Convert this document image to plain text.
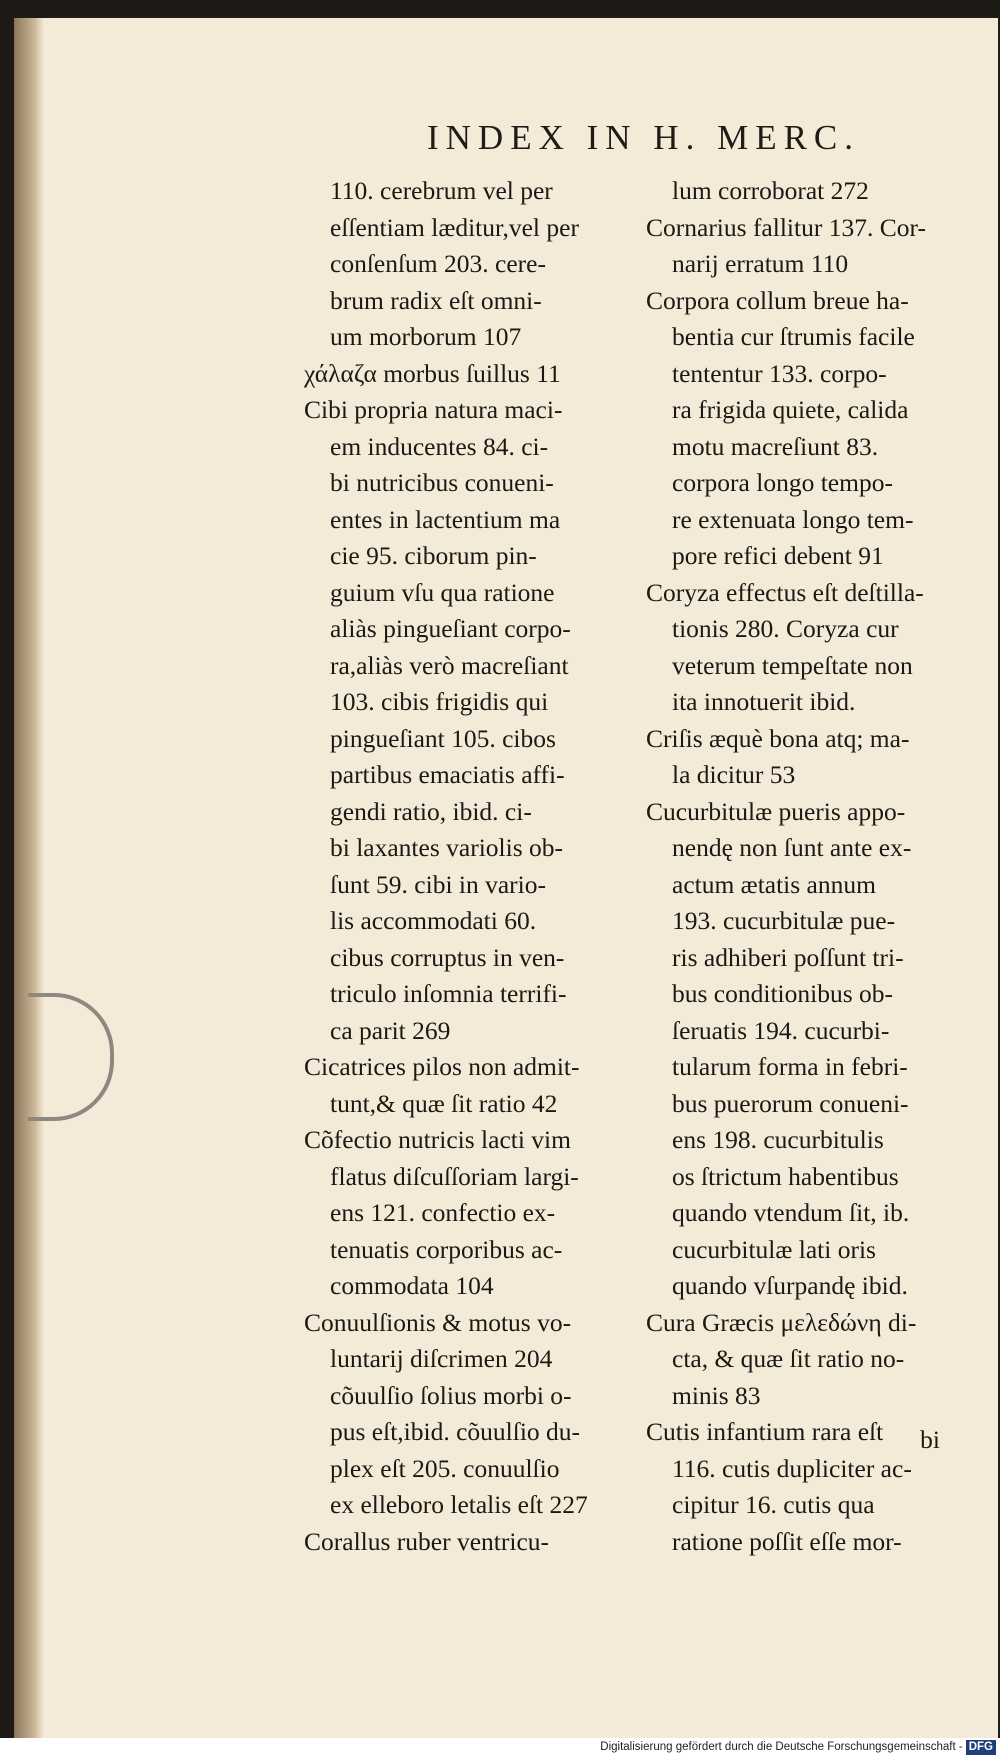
INDEX IN H. MERC.
110. cerebrum vel per
eſſentiam læditur,vel per
conſenſum 203. cere-
brum radix eſt omni-
um morborum 107
χάλαζα morbus ſuillus 11
Cibi propria natura maci-
em inducentes 84. ci-
bi nutricibus conueni-
entes in lactentium ma
cie 95. ciborum pin-
guium vſu qua ratione
aliàs pingueſiant corpo-
ra,aliàs verò macreſiant
103. cibis frigidis qui
pingueſiant 105. cibos
partibus emaciatis affi-
gendi ratio, ibid. ci-
bi laxantes variolis ob-
ſunt 59. cibi in vario-
lis accommodati 60.
cibus corruptus in ven-
triculo inſomnia terrifi-
ca parit 269
Cicatrices pilos non admit-
tunt,& quæ ſit ratio 42
Cõfectio nutricis lacti vim
flatus diſcuſſoriam largi-
ens 121. confectio ex-
tenuatis corporibus ac-
commodata 104
Conuulſionis & motus vo-
luntarij diſcrimen 204
cõuulſio ſolius morbi o-
pus eſt,ibid. cõuulſio du-
plex eſt 205. conuulſio
ex elleboro letalis eſt 227
Corallus ruber ventricu-
lum corroborat 272
Cornarius fallitur 137. Cor-
narij erratum 110
Corpora collum breue ha-
bentia cur ſtrumis facile
tententur 133. corpo-
ra frigida quiete, calida
motu macreſiunt 83.
corpora longo tempo-
re extenuata longo tem-
pore refici debent 91
Coryza effectus eſt deſtilla-
tionis 280. Coryza cur
veterum tempeſtate non
ita innotuerit ibid.
Criſis æquè bona atq; ma-
la dicitur 53
Cucurbitulæ pueris appo-
nendę non ſunt ante ex-
actum ætatis annum
193. cucurbitulæ pue-
ris adhiberi poſſunt tri-
bus conditionibus ob-
ſeruatis 194. cucurbi-
tularum forma in febri-
bus puerorum conueni-
ens 198. cucurbitulis
os ſtrictum habentibus
quando vtendum ſit, ib.
cucurbitulæ lati oris
quando vſurpandę ibid.
Cura Græcis μελεδώνη di-
cta, & quæ ſit ratio no-
minis 83
Cutis infantium rara eſt
116. cutis dupliciter ac-
cipitur 16. cutis qua
ratione poſſit eſſe mor-
bi
Digitalisierung gefördert durch die Deutsche Forschungsgemeinschaft - DFG
